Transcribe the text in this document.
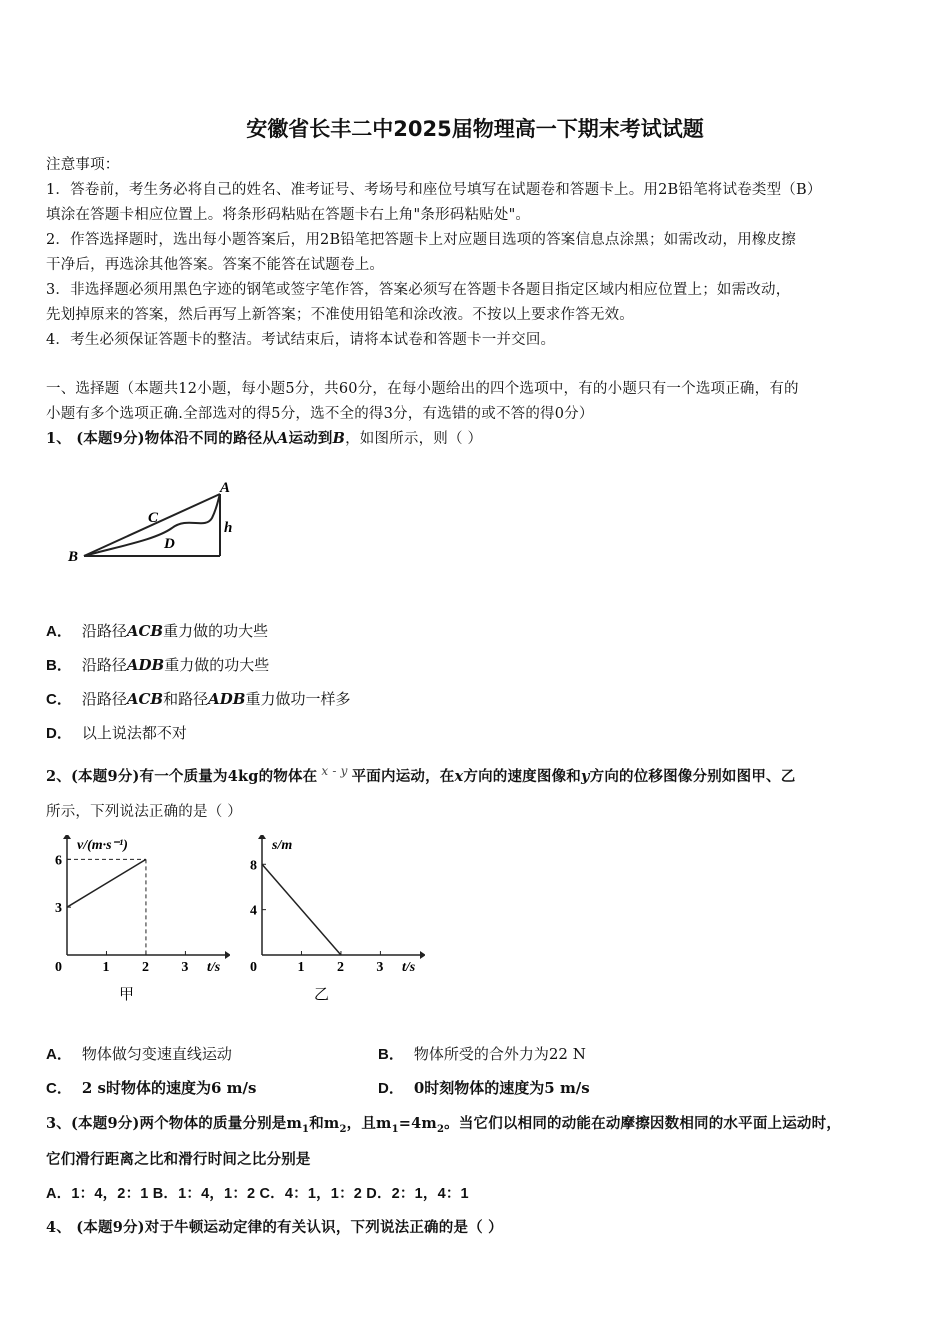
安徽省长丰二中2025届物理高一下期末考试试题
注意事项：
1．答卷前，考生务必将自己的姓名、准考证号、考场号和座位号填写在试题卷和答题卡上。用2B铅笔将试卷类型（B）
填涂在答题卡相应位置上。将条形码粘贴在答题卡右上角"条形码粘贴处"。
2．作答选择题时，选出每小题答案后，用2B铅笔把答题卡上对应题目选项的答案信息点涂黑；如需改动，用橡皮擦
干净后，再选涂其他答案。答案不能答在试题卷上。
3．非选择题必须用黑色字迹的钢笔或签字笔作答，答案必须写在答题卡各题目指定区域内相应位置上；如需改动，
先划掉原来的答案，然后再写上新答案；不准使用铅笔和涂改液。不按以上要求作答无效。
4．考生必须保证答题卡的整洁。考试结束后，请将本试卷和答题卡一并交回。
一、选择题（本题共12小题，每小题5分，共60分，在每小题给出的四个选项中，有的小题只有一个选项正确，有的
小题有多个选项正确.全部选对的得5分，选不全的得3分，有选错的或不答的得0分）
1、 (本题9分)物体沿不同的路径从A运动到B，如图所示，则（ ）
A
B
C
D
h
A． 沿路径ACB重力做的功大些
B． 沿路径ADB重力做的功大些
C． 沿路径ACB和路径ADB重力做功一样多
D． 以上说法都不对
2、(本题9分)有一个质量为4kg的物体在 $^{x - y}$ 平面内运动，在x方向的速度图像和y方向的位移图像分别如图甲、乙
所示，下列说法正确的是（ ）
0	1 2 3
3
6
v/(m·s⁻¹)
t/s
甲
0	1 2 3
4
8
s/m
t/s
乙
A． 物体做匀变速直线运动	B． 物体所受的合外力为22 N
C． 2 s时物体的速度为6 m/s	D． 0时刻物体的速度为5 m/s
3、(本题9分)两个物体的质量分别是$m_1$和$m_2$，且$m_1=4m_2$。当它们以相同的动能在动摩擦因数相同的水平面上运动时，
它们滑行距离之比和滑行时间之比分别是
A．1：4，2：1 B．1：4，1：2 C．4：1，1：2 D．2：1，4：1
4、 (本题9分)对于牛顿运动定律的有关认识，下列说法正确的是（ ）
